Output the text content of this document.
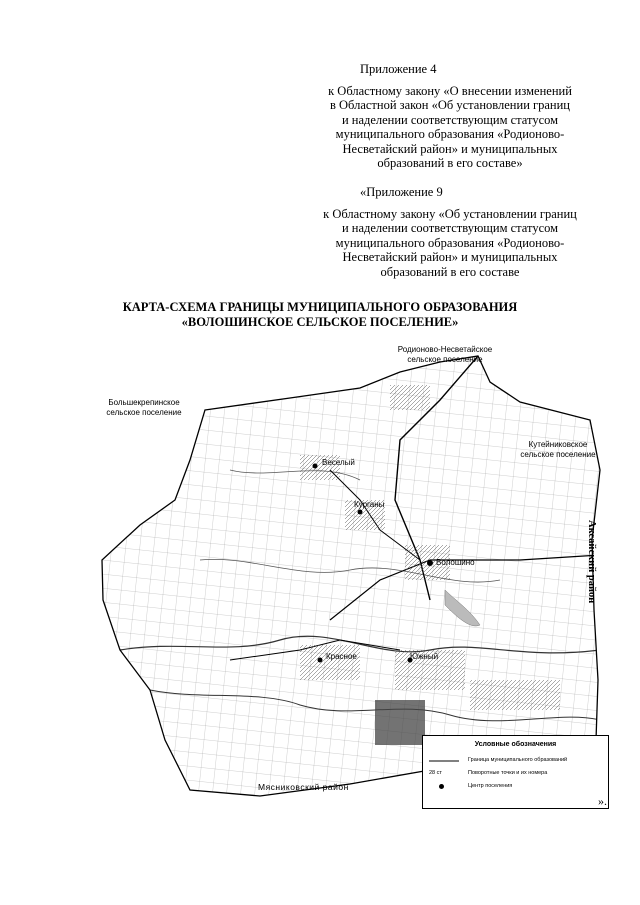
Приложение 4
к Областному закону «О внесении изменений
в Областной закон «Об установлении границ
и наделении соответствующим статусом
муниципального образования «Родионово-
Несветайский район» и муниципальных
образований в его составе»
«Приложение 9
к Областному закону «Об установлении границ
и наделении соответствующим статусом
муниципального образования «Родионово-
Несветайский район» и муниципальных
образований в его составе
КАРТА-СХЕМА ГРАНИЦЫ МУНИЦИПАЛЬНОГО ОБРАЗОВАНИЯ
«ВОЛОШИНСКОЕ СЕЛЬСКОЕ ПОСЕЛЕНИЕ»
Родионово-Несветайское
сельское поселение
Большекрепинское
сельское поселение
Кутейниковское
сельское поселение
Аксайский район
Мясниковский район
Веселый
Курганы
Волошино
Красное	Южный
Условные обозначения
Граница муниципального образований
28 ст	Поворотные точки и их номера
Центр поселения
».
